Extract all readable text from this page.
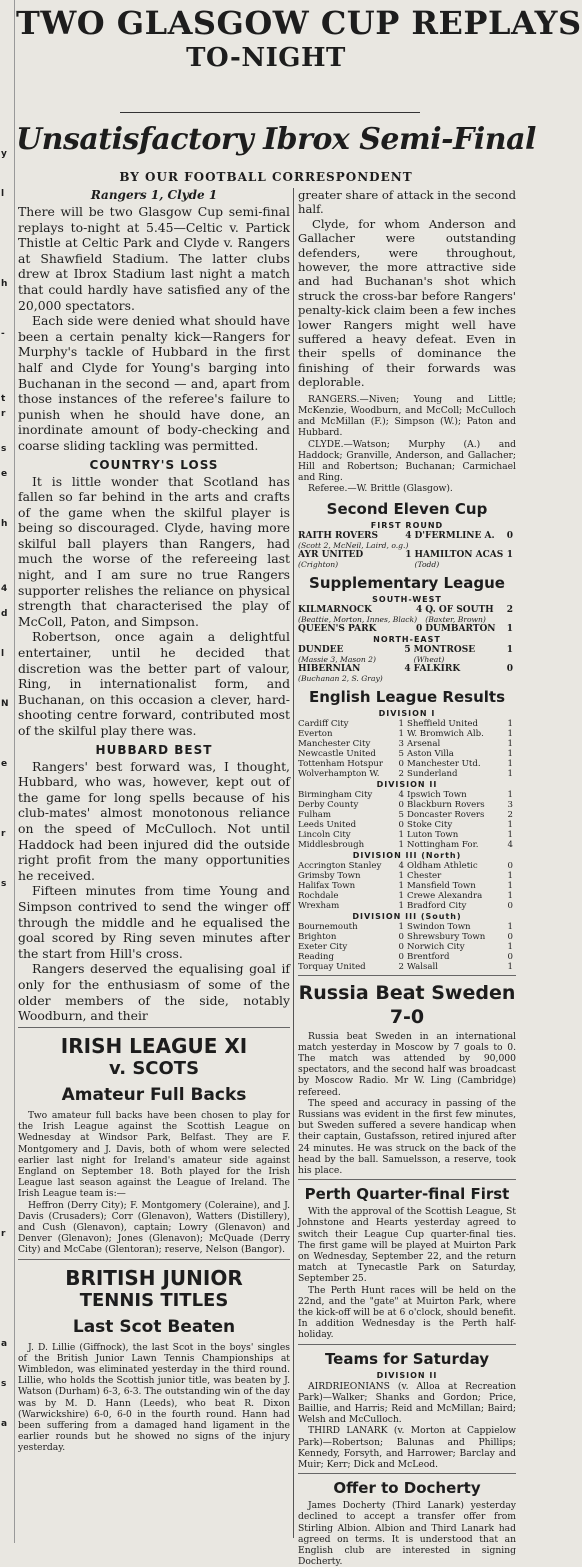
y
l
h
-
t
r
s
e
h
4
d
l
N
e
r
s
r
a
s
a
TWO GLASGOW CUP REPLAYS
TO-NIGHT
Unsatisfactory Ibrox Semi-Final
BY OUR FOOTBALL CORRESPONDENT

Rangers 1, Clyde 1

There will be two Glasgow Cup semi-final replays to-night at 5.45—Celtic v. Partick Thistle at Celtic Park and Clyde v. Rangers at Shawfield Stadium. The latter clubs drew at Ibrox Stadium last night a match that could hardly have satisfied any of the 20,000 spectators.

Each side were denied what should have been a certain penalty kick—Rangers for Murphy's tackle of Hubbard in the first half and Clyde for Young's barging into Buchanan in the second — and, apart from those instances of the referee's failure to punish when he should have done, an inordinate amount of body-checking and coarse sliding tackling was permitted.

COUNTRY'S LOSS

It is little wonder that Scotland has fallen so far behind in the arts and crafts of the game when the skilful player is being so discouraged. Clyde, having more skilful ball players than Rangers, had much the worse of the refereeing last night, and I am sure no true Rangers supporter relishes the reliance on physical strength that characterised the play of McColl, Paton, and Simpson.

Robertson, once again a delightful entertainer, until he decided that discretion was the better part of valour, Ring, in internationalist form, and Buchanan, on this occasion a clever, hard-shooting centre forward, contributed most of the skilful play there was.

HUBBARD BEST

Rangers' best forward was, I thought, Hubbard, who was, however, kept out of the game for long spells because of his club-mates' almost monotonous reliance on the speed of McCulloch. Not until Haddock had been injured did the outside right profit from the many opportunities he received.

Fifteen minutes from time Young and Simpson contrived to send the winger off through the middle and he equalised the goal scored by Ring seven minutes after the start from Hill's cross.

Rangers deserved the equalising goal if only for the enthusiasm of some of the older members of the side, notably Woodburn, and their

IRISH LEAGUE XI
v. SCOTS
Amateur Full Backs

Two amateur full backs have been chosen to play for the Irish League against the Scottish League on Wednesday at Windsor Park, Belfast. They are F. Montgomery and J. Davis, both of whom were selected earlier last night for Ireland's amateur side against England on September 18. Both played for the Irish League last season against the League of Ireland. The Irish League team is:—

Heffron (Derry City); F. Montgomery (Coleraine), and J. Davis (Crusaders); Corr (Glenavon), Watters (Distillery), and Cush (Glenavon), captain; Lowry (Glenavon) and Denver (Glenavon); Jones (Glenavon); McQuade (Derry City) and McCabe (Glentoran); reserve, Nelson (Bangor).

BRITISH JUNIOR
TENNIS TITLES
Last Scot Beaten

J. D. Lillie (Giffnock), the last Scot in the boys' singles of the British Junior Lawn Tennis Championships at Wimbledon, was eliminated yesterday in the third round. Lillie, who holds the Scottish junior title, was beaten by J. Watson (Durham) 6-3, 6-3. The outstanding win of the day was by M. D. Hann (Leeds), who beat R. Dixon (Warwickshire) 6-0, 6-0 in the fourth round. Hann had been suffering from a damaged hand ligament in the earlier rounds but he showed no signs of the injury yesterday.

greater share of attack in the second half.

Clyde, for whom Anderson and Gallacher were outstanding defenders, were throughout, however, the more attractive side and had Buchanan's shot which struck the cross-bar before Rangers' penalty-kick claim been a few inches lower Rangers might well have suffered a heavy defeat. Even in their spells of dominance the finishing of their forwards was deplorable.

RANGERS.—Niven; Young and Little; McKenzie, Woodburn, and McColl; McCulloch and McMillan (F.); Simpson (W.); Paton and Hubbard.

CLYDE.—Watson; Murphy (A.) and Haddock; Granville, Anderson, and Gallacher; Hill and Robertson; Buchanan; Carmichael and Ring.

Referee.—W. Brittle (Glasgow).

Second Eleven Cup
FIRST ROUND
RAITH ROVERS	4	D'FERMLINE A.	0
(Scott 2, McNeil, Laird, o.g.)			
AYR UNITED	1	HAMILTON ACAS	1
(Crighton)		(Todd)	
Supplementary League
SOUTH-WEST
KILMARNOCK	4	Q. OF SOUTH	2
(Beattie, Morton, Innes, Black)		(Baxter, Brown)	
QUEEN'S PARK	0	DUMBARTON	1
NORTH-EAST
DUNDEE	5	MONTROSE	1
(Massie 3, Mason 2)		(Wheat)	
HIBERNIAN	4	FALKIRK	0
(Buchanan 2, S. Gray)			
English League Results
DIVISION I
Cardiff City	1	Sheffield United	1
Everton	1	W. Bromwich Alb.	1
Manchester City	3	Arsenal	1
Newcastle United	5	Aston Villa	1
Tottenham Hotspur	0	Manchester Utd.	1
Wolverhampton W.	2	Sunderland	1
DIVISION II
Birmingham City	4	Ipswich Town	1
Derby County	0	Blackburn Rovers	3
Fulham	5	Doncaster Rovers	2
Leeds United	0	Stoke City	1
Lincoln City	1	Luton Town	1
Middlesbrough	1	Nottingham For.	4
DIVISION III (North)
Accrington Stanley	4	Oldham Athletic	0
Grimsby Town	1	Chester	1
Halifax Town	1	Mansfield Town	1
Rochdale	1	Crewe Alexandra	1
Wrexham	1	Bradford City	0
DIVISION III (South)
Bournemouth	1	Swindon Town	1
Brighton	0	Shrewsbury Town	0
Exeter City	0	Norwich City	1
Reading	0	Brentford	0
Torquay United	2	Walsall	1
Russia Beat Sweden 7-0

Russia beat Sweden in an international match yesterday in Moscow by 7 goals to 0. The match was attended by 90,000 spectators, and the second half was broadcast by Moscow Radio. Mr W. Ling (Cambridge) refereed.

The speed and accuracy in passing of the Russians was evident in the first few minutes, but Sweden suffered a severe handicap when their captain, Gustafsson, retired injured after 24 minutes. He was struck on the back of the head by the ball. Samuelsson, a reserve, took his place.

Perth Quarter-final First

With the approval of the Scottish League, St Johnstone and Hearts yesterday agreed to switch their League Cup quarter-final ties. The first game will be played at Muirton Park on Wednesday, September 22, and the return match at Tynecastle Park on Saturday, September 25.

The Perth Hunt races will be held on the 22nd, and the "gate" at Muirton Park, where the kick-off will be at 6 o'clock, should benefit. In addition Wednesday is the Perth half-holiday.

Teams for Saturday
DIVISION II

AIRDRIEONIANS (v. Alloa at Recreation Park)—Walker; Shanks and Gordon; Price, Baillie, and Harris; Reid and McMillan; Baird; Welsh and McCulloch.

THIRD LANARK (v. Morton at Cappielow Park)—Robertson; Balunas and Phillips; Kennedy, Forsyth, and Harrower; Barclay and Muir; Kerr; Dick and McLeod.

Offer to Docherty

James Docherty (Third Lanark) yesterday declined to accept a transfer offer from Stirling Albion. Albion and Third Lanark had agreed on terms. It is understood that an English club are interested in signing Docherty.
